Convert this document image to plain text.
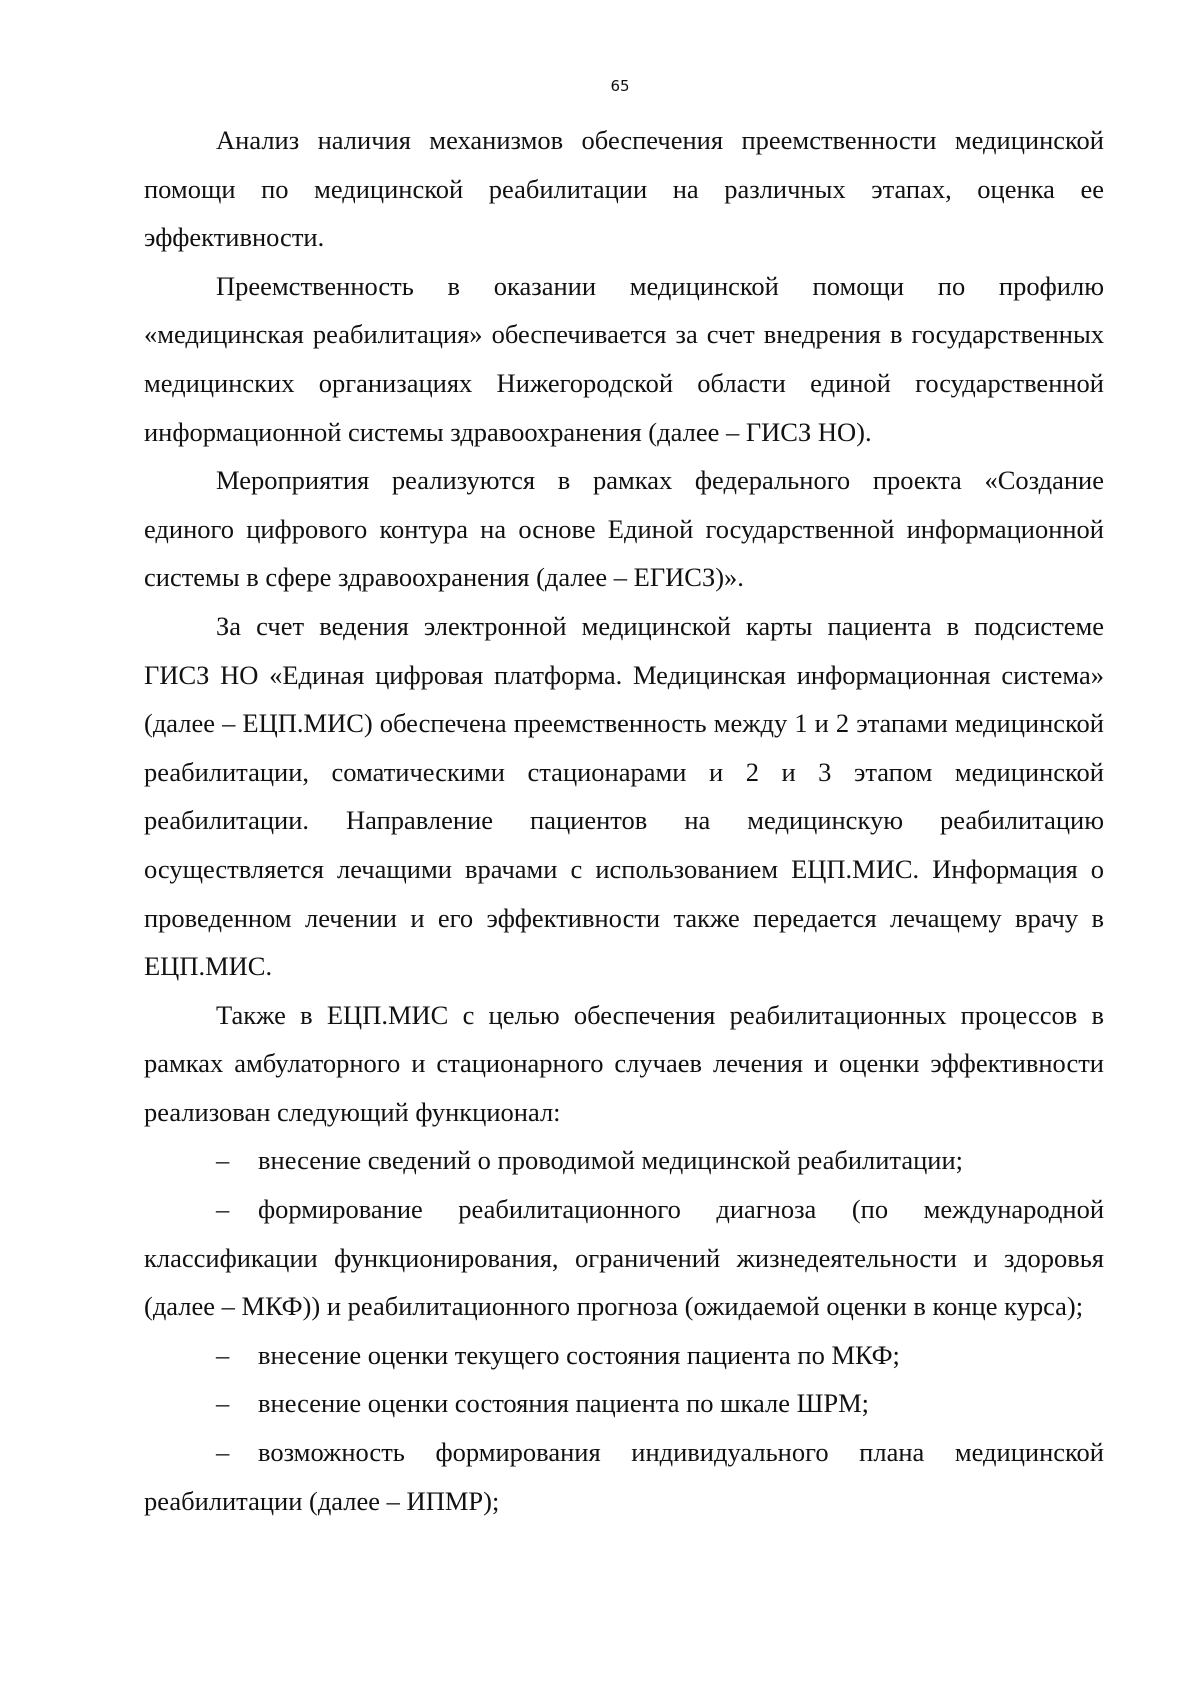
65

Анализ наличия механизмов обеспечения преемственности медицинской помощи по медицинской реабилитации на различных этапах, оценка ее эффективности.

Преемственность в оказании медицинской помощи по профилю «медицинская реабилитация» обеспечивается за счет внедрения в государственных медицинских организациях Нижегородской области единой государственной информационной системы здравоохранения (далее – ГИСЗ НО).

Мероприятия реализуются в рамках федерального проекта «Создание единого цифрового контура на основе Единой государственной информационной системы в сфере здравоохранения (далее – ЕГИСЗ)».

За счет ведения электронной медицинской карты пациента в подсистеме ГИСЗ НО «Единая цифровая платформа. Медицинская информационная система» (далее – ЕЦП.МИС) обеспечена преемственность между 1 и 2 этапами медицинской реабилитации, соматическими стационарами и 2 и 3 этапом медицинской реабилитации. Направление пациентов на медицинскую реабилитацию осуществляется лечащими врачами с использованием ЕЦП.МИС. Информация о проведенном лечении и его эффективности также передается лечащему врачу в ЕЦП.МИС.

Также в ЕЦП.МИС с целью обеспечения реабилитационных процессов в рамках амбулаторного и стационарного случаев лечения и оценки эффективности реализован следующий функционал:

– внесение сведений о проводимой медицинской реабилитации;

– формирование реабилитационного диагноза (по международной классификации функционирования, ограничений жизнедеятельности и здоровья (далее – МКФ)) и реабилитационного прогноза (ожидаемой оценки в конце курса);

– внесение оценки текущего состояния пациента по МКФ;

– внесение оценки состояния пациента по шкале ШРМ;

– возможность формирования индивидуального плана медицинской реабилитации (далее – ИПМР);
